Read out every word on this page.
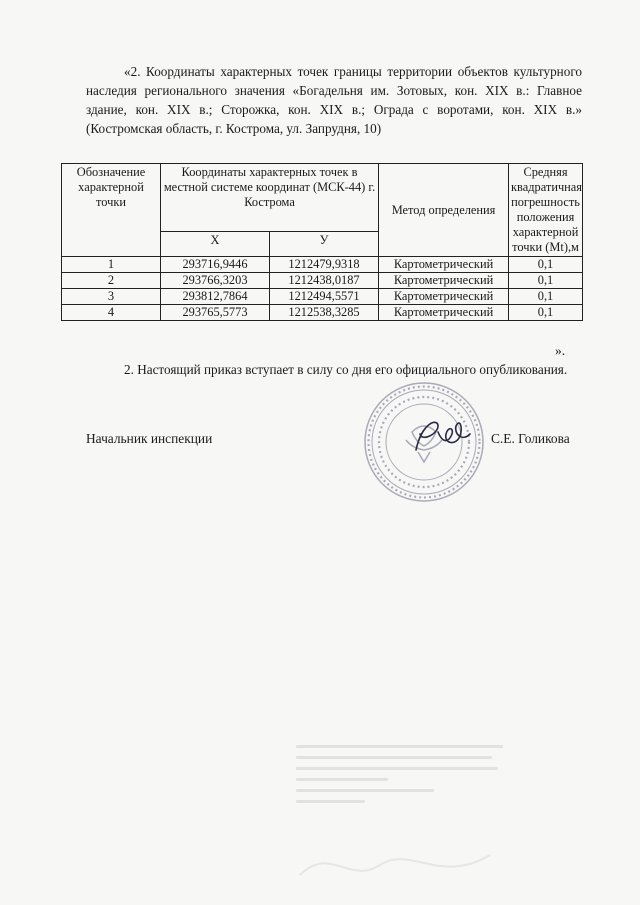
«2. Координаты характерных точек границы территории объектов культурного наследия регионального значения «Богадельня им. Зотовых, кон. XIX в.: Главное здание, кон. XIX в.; Сторожка, кон. XIX в.; Ограда с воротами, кон. XIX в.» (Костромская область, г. Кострома, ул. Запрудня, 10)

Обозначение характерной точки	Координаты характерных точек в местной системе координат (МСК-44) г. Кострома		Метод определения	Средняя квадратичная погрешность положения характерной точки (Mt),м
	X	У		
1	293716,9446	1212479,9318	Картометрический	0,1
2	293766,3203	1212438,0187	Картометрический	0,1
3	293812,7864	1212494,5571	Картометрический	0,1
4	293765,5773	1212538,3285	Картометрический	0,1
».

2. Настоящий приказ вступает в силу со дня его официального опубликования.

Начальник инспекции	С.Е. Голикова
